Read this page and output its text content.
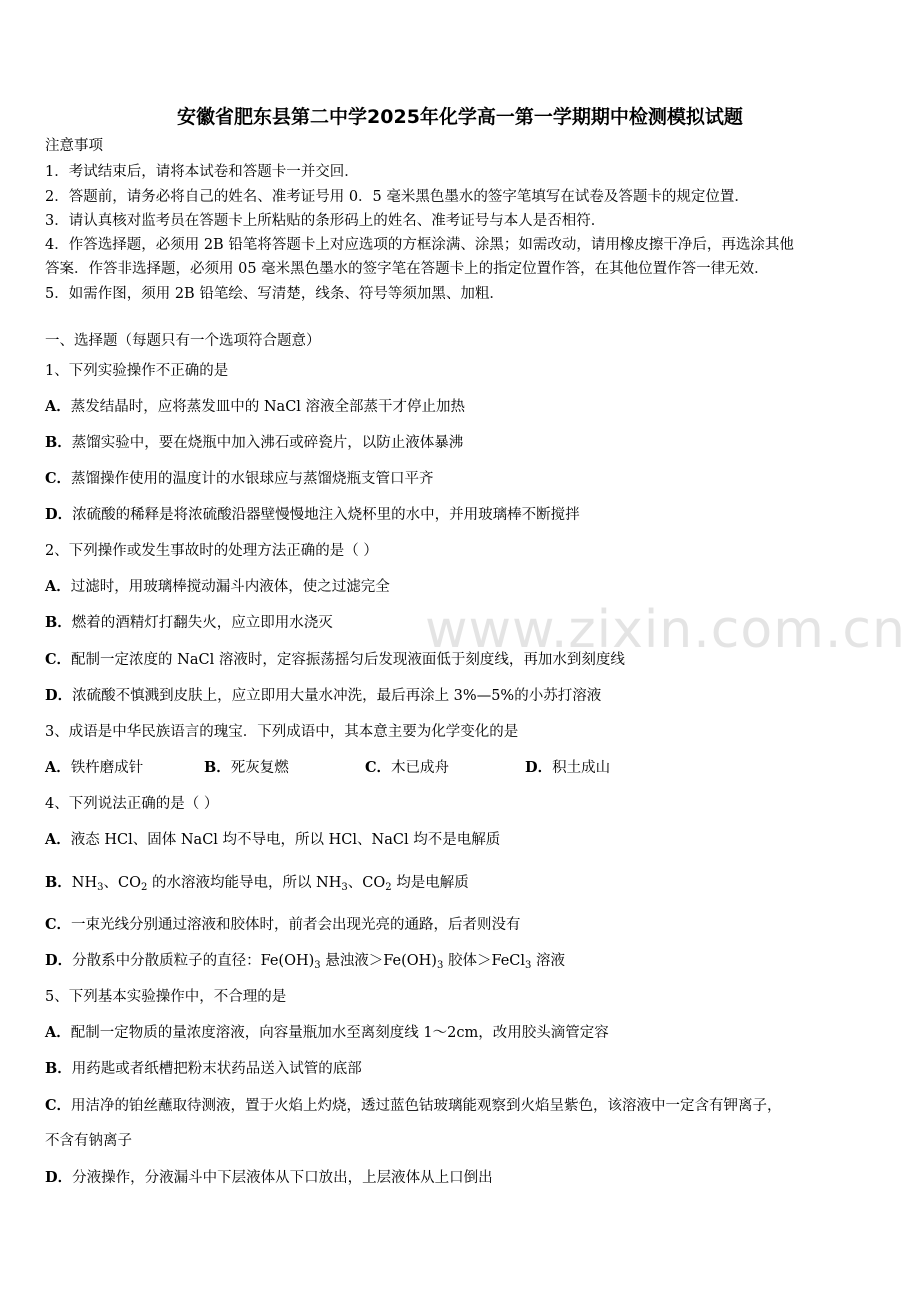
www.zixin.com.cn
安徽省肥东县第二中学2025年化学高一第一学期期中检测模拟试题
注意事项
1．考试结束后，请将本试卷和答题卡一并交回．
2．答题前，请务必将自己的姓名、准考证号用 0．5 毫米黑色墨水的签字笔填写在试卷及答题卡的规定位置．
3．请认真核对监考员在答题卡上所粘贴的条形码上的姓名、准考证号与本人是否相符．
4．作答选择题，必须用 2B 铅笔将答题卡上对应选项的方框涂满、涂黑；如需改动，请用橡皮擦干净后，再选涂其他
答案．作答非选择题，必须用 05 毫米黑色墨水的签字笔在答题卡上的指定位置作答，在其他位置作答一律无效．
5．如需作图，须用 2B 铅笔绘、写清楚，线条、符号等须加黑、加粗．
一、选择题（每题只有一个选项符合题意）
1、下列实验操作不正确的是
A．蒸发结晶时，应将蒸发皿中的 NaCl 溶液全部蒸干才停止加热
B．蒸馏实验中，要在烧瓶中加入沸石或碎瓷片，以防止液体暴沸
C．蒸馏操作使用的温度计的水银球应与蒸馏烧瓶支管口平齐
D．浓硫酸的稀释是将浓硫酸沿器壁慢慢地注入烧杯里的水中，并用玻璃棒不断搅拌
2、下列操作或发生事故时的处理方法正确的是（ ）
A．过滤时，用玻璃棒搅动漏斗内液体，使之过滤完全
B．燃着的酒精灯打翻失火，应立即用水浇灭
C．配制一定浓度的 NaCl 溶液时，定容振荡摇匀后发现液面低于刻度线，再加水到刻度线
D．浓硫酸不慎溅到皮肤上，应立即用大量水冲洗，最后再涂上 3%—5%的小苏打溶液
3、成语是中华民族语言的瑰宝．下列成语中，其本意主要为化学变化的是
A．铁杵磨成针	B．死灰复燃	C．木已成舟	D．积土成山
4、下列说法正确的是（ ）
A．液态 HCl、固体 NaCl 均不导电，所以 HCl、NaCl 均不是电解质
B．$NH_3$、$CO_2$ 的水溶液均能导电，所以 $NH_3$、$CO_2$ 均是电解质
C．一束光线分别通过溶液和胶体时，前者会出现光亮的通路，后者则没有
D．分散系中分散质粒子的直径：$Fe(OH)_3$ 悬浊液$>Fe(OH)_3$ 胶体＞FeCl$_3$ 溶液
5、下列基本实验操作中，不合理的是
A．配制一定物质的量浓度溶液，向容量瓶加水至离刻度线 1～2cm，改用胶头滴管定容
B．用药匙或者纸槽把粉末状药品送入试管的底部
C．用洁净的铂丝蘸取待测液，置于火焰上灼烧，透过蓝色钴玻璃能观察到火焰呈紫色，该溶液中一定含有钾离子，
不含有钠离子
D．分液操作，分液漏斗中下层液体从下口放出，上层液体从上口倒出
